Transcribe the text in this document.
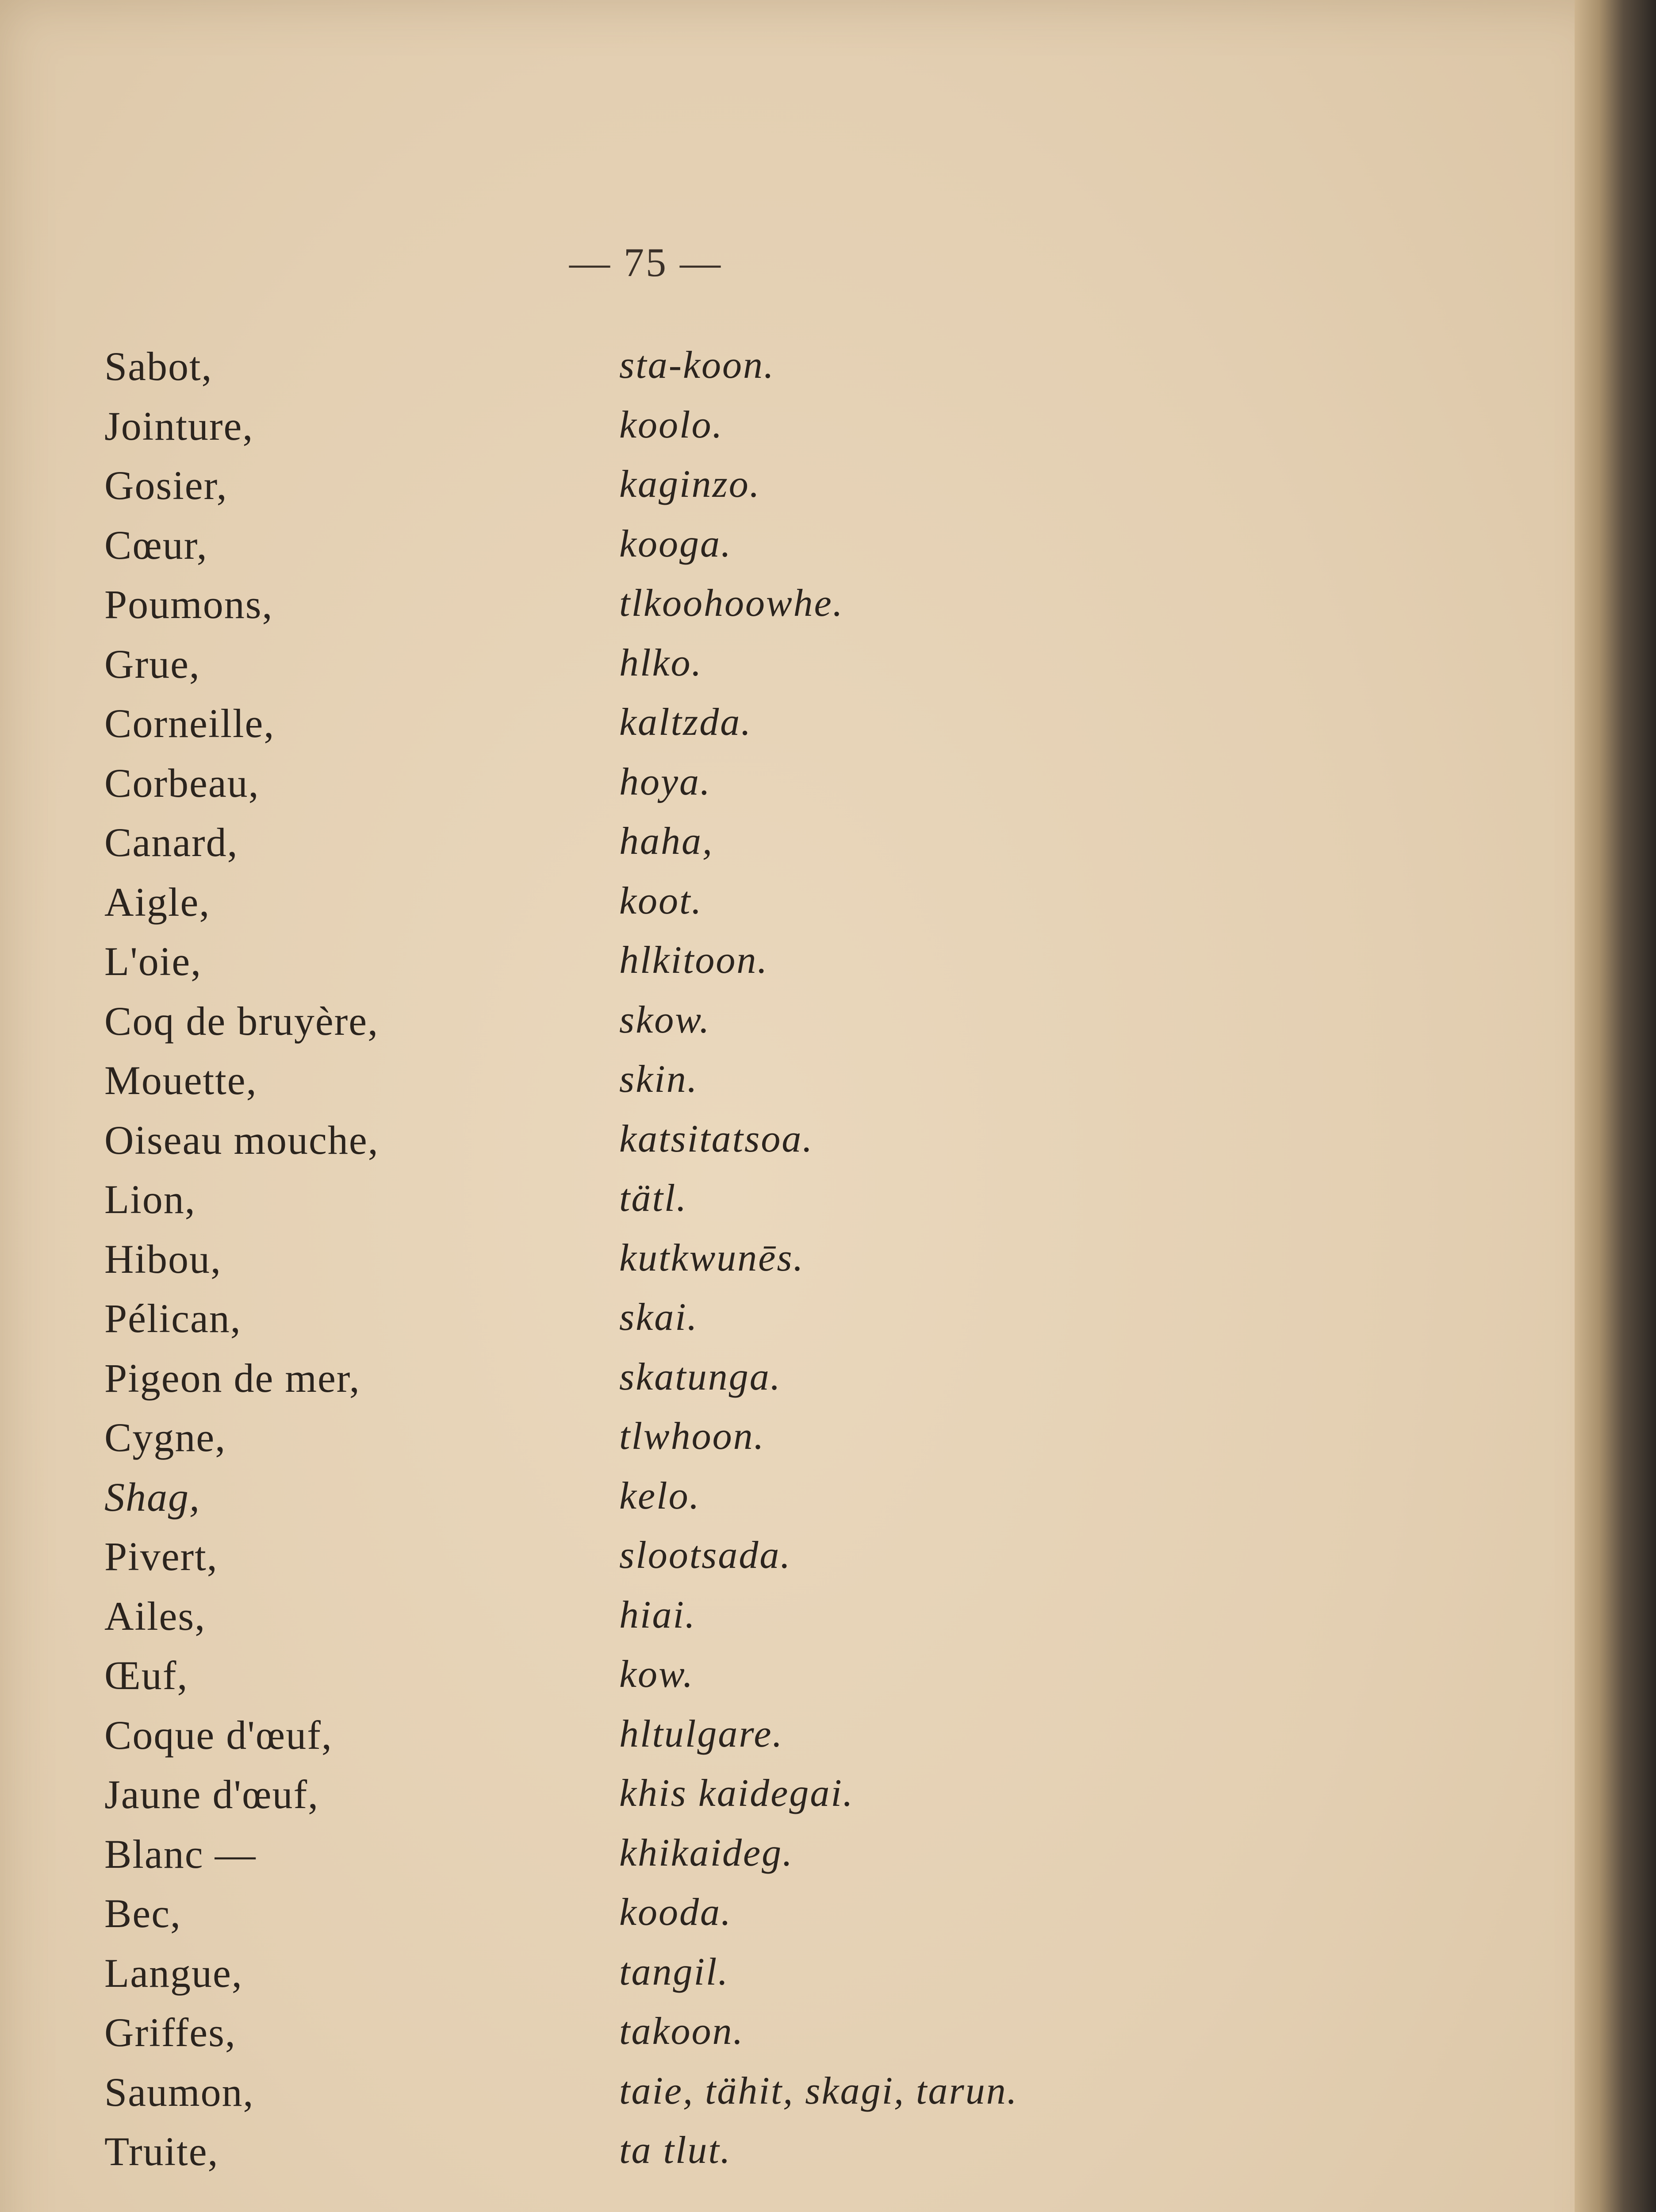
— 75 —
Sabot,	sta-koon.
Jointure,	koolo.
Gosier,	kaginzo.
Cœur,	kooga.
Poumons,	tlkoohoowhe.
Grue,	hlko.
Corneille,	kaltzda.
Corbeau,	hoya.
Canard,	haha,
Aigle,	koot.
L'oie,	hlkitoon.
Coq de bruyère,	skow.
Mouette,	skin.
Oiseau mouche,	katsitatsoa.
Lion,	tätl.
Hibou,	kutkwunēs.
Pélican,	skai.
Pigeon de mer,	skatunga.
Cygne,	tlwhoon.
Shag,	kelo.
Pivert,	slootsada.
Ailes,	hiai.
Œuf,	kow.
Coque d'œuf,	hltulgare.
Jaune d'œuf,	khis kaidegai.
Blanc —	khikaideg.
Bec,	kooda.
Langue,	tangil.
Griffes,	takoon.
Saumon,	taie, tähit, skagi, tarun.
Truite,	ta tlut.
